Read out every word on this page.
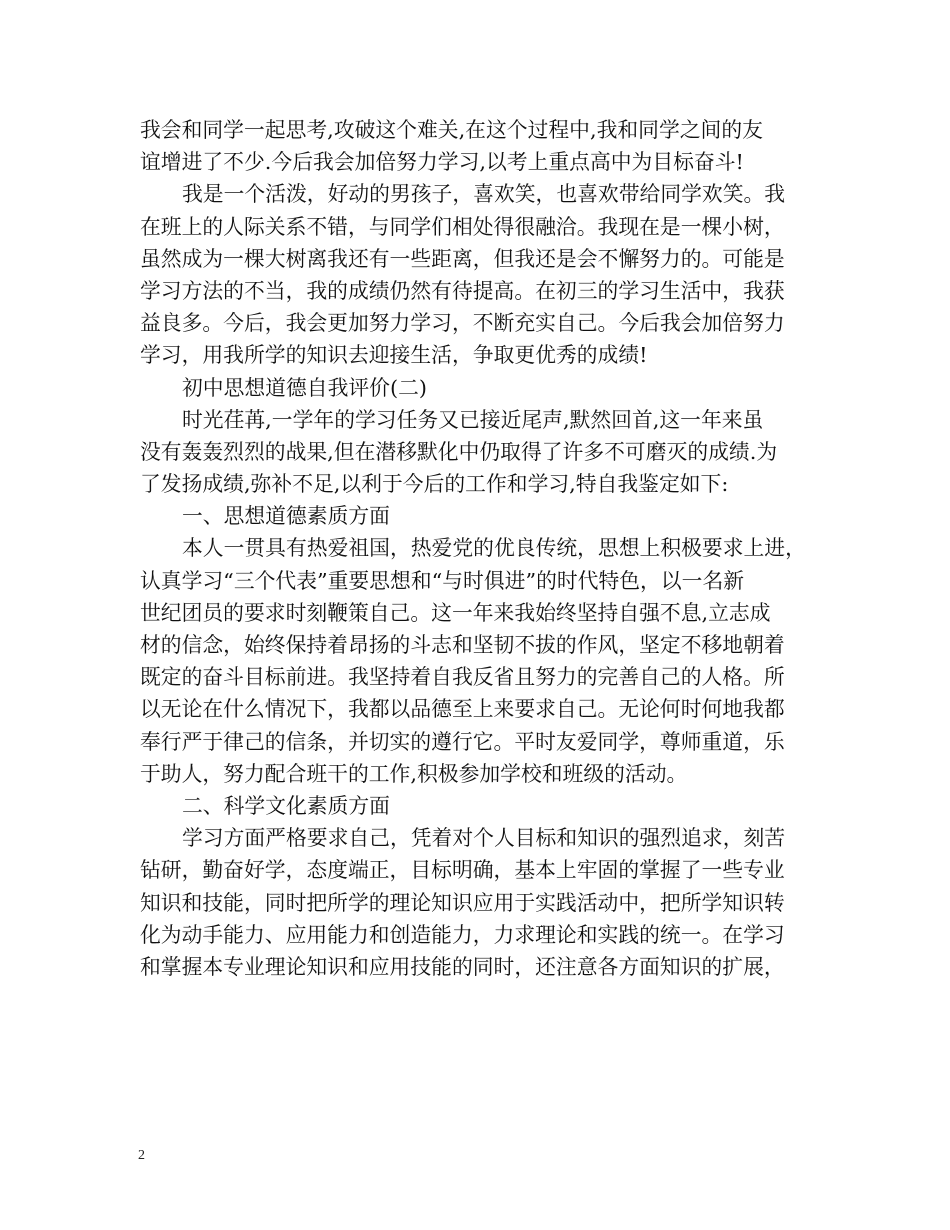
我会和同学一起思考,攻破这个难关,在这个过程中,我和同学之间的友
谊增进了不少.今后我会加倍努力学习,以考上重点高中为目标奋斗!
我是一个活泼，好动的男孩子，喜欢笑，也喜欢带给同学欢笑。我
在班上的人际关系不错，与同学们相处得很融洽。我现在是一棵小树，
虽然成为一棵大树离我还有一些距离，但我还是会不懈努力的。可能是
学习方法的不当，我的成绩仍然有待提高。在初三的学习生活中，我获
益良多。今后，我会更加努力学习，不断充实自己。今后我会加倍努力
学习，用我所学的知识去迎接生活，争取更优秀的成绩!
初中思想道德自我评价(二)
时光荏苒,一学年的学习任务又已接近尾声,默然回首,这一年来虽
没有轰轰烈烈的战果,但在潜移默化中仍取得了许多不可磨灭的成绩.为
了发扬成绩,弥补不足,以利于今后的工作和学习,特自我鉴定如下:
一、思想道德素质方面
本人一贯具有热爱祖国，热爱党的优良传统，思想上积极要求上进，
认真学习“三个代表”重要思想和“与时俱进”的时代特色，以一名新
世纪团员的要求时刻鞭策自己。这一年来我始终坚持自强不息,立志成
材的信念，始终保持着昂扬的斗志和坚韧不拔的作风，坚定不移地朝着
既定的奋斗目标前进。我坚持着自我反省且努力的完善自己的人格。所
以无论在什么情况下，我都以品德至上来要求自己。无论何时何地我都
奉行严于律己的信条，并切实的遵行它。平时友爱同学，尊师重道，乐
于助人，努力配合班干的工作,积极参加学校和班级的活动。
二、科学文化素质方面
学习方面严格要求自己，凭着对个人目标和知识的强烈追求，刻苦
钻研，勤奋好学，态度端正，目标明确，基本上牢固的掌握了一些专业
知识和技能，同时把所学的理论知识应用于实践活动中，把所学知识转
化为动手能力、应用能力和创造能力，力求理论和实践的统一。在学习
和掌握本专业理论知识和应用技能的同时，还注意各方面知识的扩展，
2
